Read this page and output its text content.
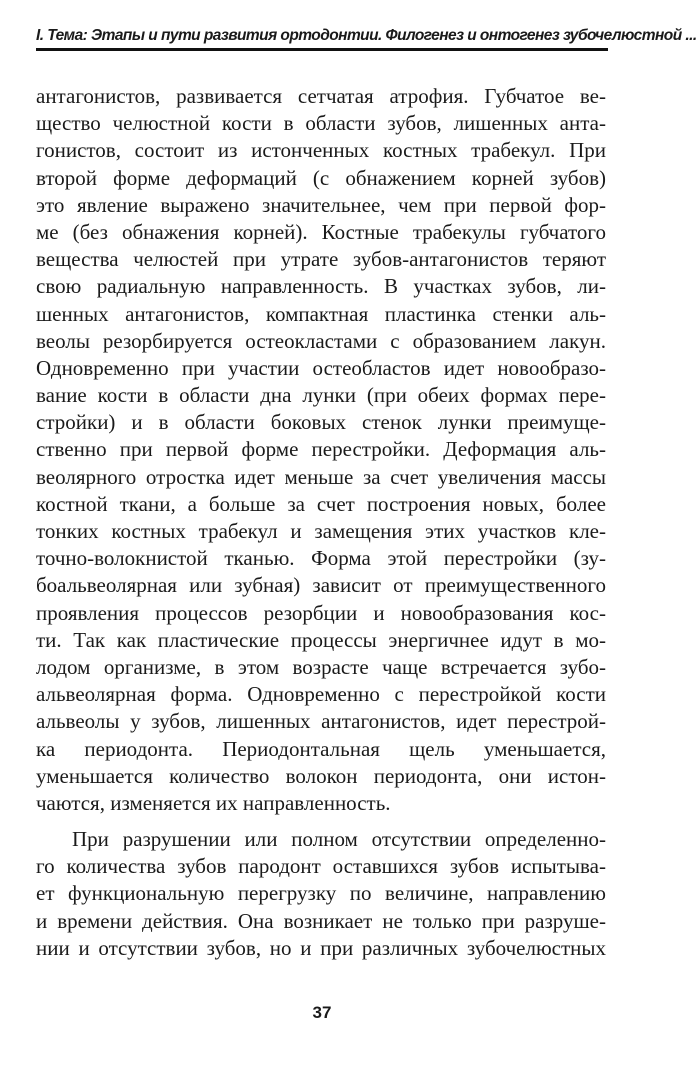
I. Тема: Этапы и пути развития ортодонтии. Филогенез и онтогенез зубочелюстной ...
антагонистов, развивается сетчатая атрофия. Губчатое ве-
щество челюстной кости в области зубов, лишенных анта-
гонистов, состоит из истонченных костных трабекул. При
второй форме деформаций (с обнажением корней зубов)
это явление выражено значительнее, чем при первой фор-
ме (без обнажения корней). Костные трабекулы губчатого
вещества челюстей при утрате зубов-антагонистов теряют
свою радиальную направленность. В участках зубов, ли-
шенных антагонистов, компактная пластинка стенки аль-
веолы резорбируется остеокластами с образованием лакун.
Одновременно при участии остеобластов идет новообразо-
вание кости в области дна лунки (при обеих формах пере-
стройки) и в области боковых стенок лунки преимуще-
ственно при первой форме перестройки. Деформация аль-
веолярного отростка идет меньше за счет увеличения массы
костной ткани, а больше за счет построения новых, более
тонких костных трабекул и замещения этих участков кле-
точно-волокнистой тканью. Форма этой перестройки (зу-
боальвеолярная или зубная) зависит от преимущественного
проявления процессов резорбции и новообразования кос-
ти. Так как пластические процессы энергичнее идут в мо-
лодом организме, в этом возрасте чаще встречается зубо-
альвеолярная форма. Одновременно с перестройкой кости
альвеолы у зубов, лишенных антагонистов, идет перестрой-
ка периодонта. Периодонтальная щель уменьшается,
уменьшается количество волокон периодонта, они истон-
чаются, изменяется их направленность.
При разрушении или полном отсутствии определенно-
го количества зубов пародонт оставшихся зубов испытыва-
ет функциональную перегрузку по величине, направлению
и времени действия. Она возникает не только при разруше-
нии и отсутствии зубов, но и при различных зубочелюстных
37
